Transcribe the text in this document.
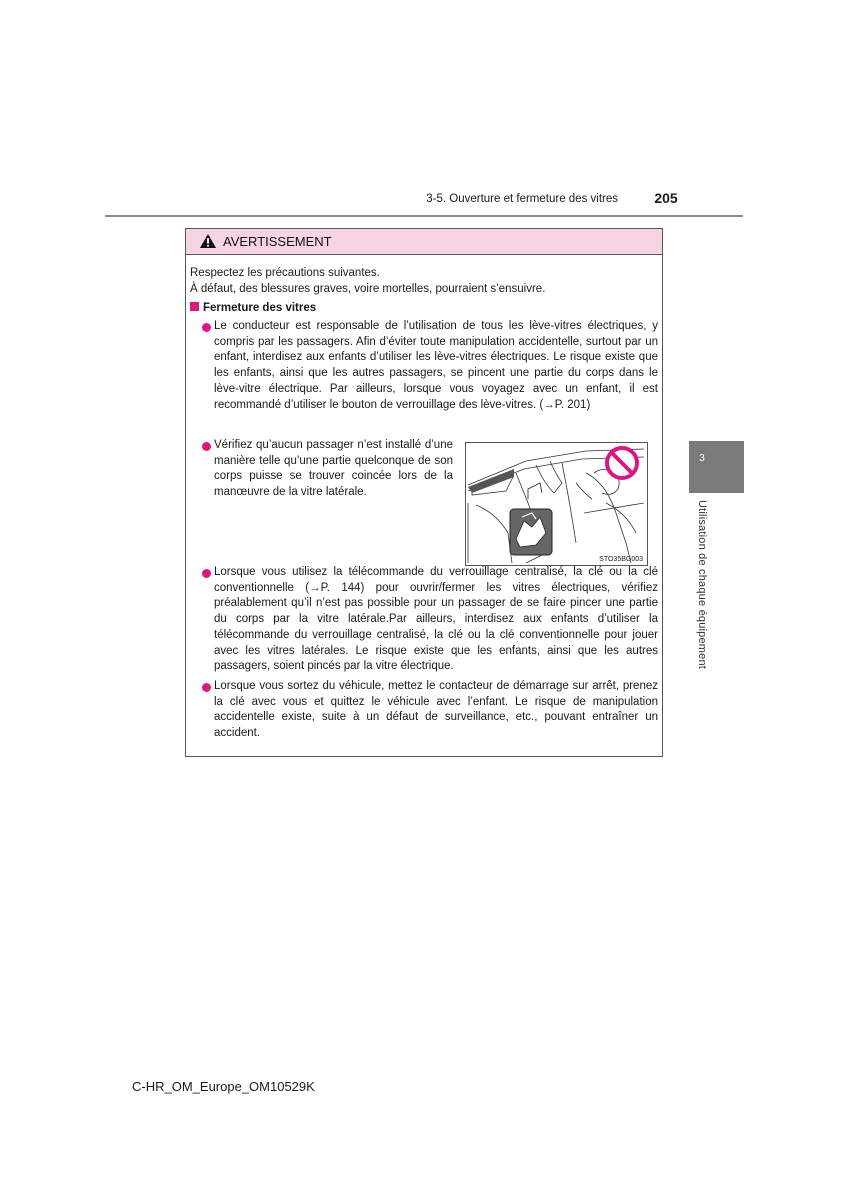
3-5. Ouverture et fermeture des vitres	205
3
Utilisation de chaque équipement
AVERTISSEMENT
Respectez les précautions suivantes.
À défaut, des blessures graves, voire mortelles, pourraient s’ensuivre.
Fermeture des vitres
Le conducteur est responsable de l’utilisation de tous les lève-vitres électriques, y compris par les passagers. Afin d’éviter toute manipulation accidentelle, surtout par un enfant, interdisez aux enfants d’utiliser les lève-vitres électriques. Le risque existe que les enfants, ainsi que les autres passagers, se pincent une partie du corps dans le lève-vitre électrique. Par ailleurs, lorsque vous voyagez avec un enfant, il est recommandé d’utiliser le bouton de verrouillage des lève-vitres. (→P. 201)
Vérifiez qu’aucun passager n’est installé d’une manière telle qu’une partie quelconque de son corps puisse se trouver coincée lors de la manœuvre de la vitre latérale.
STO35BG003
Lorsque vous utilisez la télécommande du verrouillage centralisé, la clé ou la clé conventionnelle (→P. 144) pour ouvrir/fermer les vitres électriques, vérifiez préalablement qu’il n’est pas possible pour un passager de se faire pincer une partie du corps par la vitre latérale.Par ailleurs, interdisez aux enfants d’utiliser la télécommande du verrouillage centralisé, la clé ou la clé conventionnelle pour jouer avec les vitres latérales. Le risque existe que les enfants, ainsi que les autres passagers, soient pincés par la vitre électrique.
Lorsque vous sortez du véhicule, mettez le contacteur de démarrage sur arrêt, prenez la clé avec vous et quittez le véhicule avec l’enfant. Le risque de manipulation accidentelle existe, suite à un défaut de surveillance, etc., pouvant entraîner un accident.
C-HR_OM_Europe_OM10529K
